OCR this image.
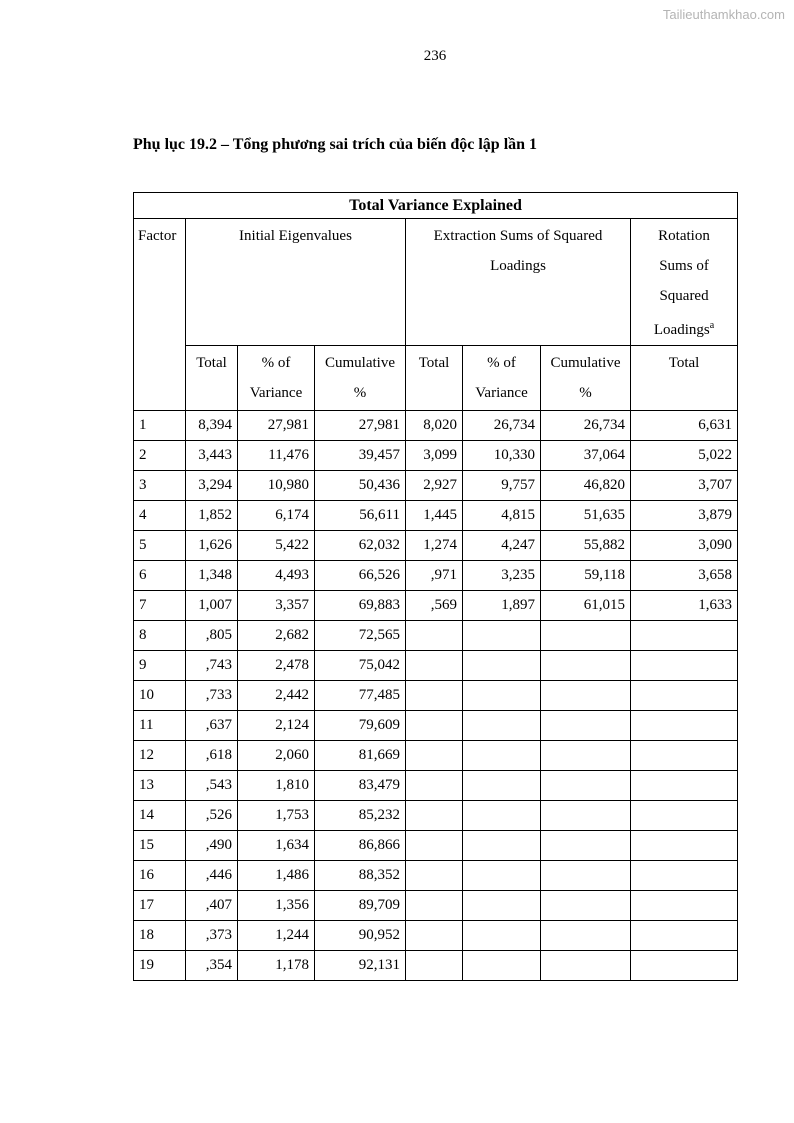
Tailieuthamkhao.com
236
Phụ lục 19.2 – Tổng phương sai trích của biến độc lập lần 1
Total Variance Explained							
Factor	Initial Eigenvalues			Extraction Sums of Squared Loadings			Rotation Sums of Squared Loadings$^a$

	Total	% of Variance	Cumulative %	Total	% of Variance	Cumulative %	Total
1	8,394	27,981	27,981	8,020	26,734	26,734	6,631
2	3,443	11,476	39,457	3,099	10,330	37,064	5,022
3	3,294	10,980	50,436	2,927	9,757	46,820	3,707
4	1,852	6,174	56,611	1,445	4,815	51,635	3,879
5	1,626	5,422	62,032	1,274	4,247	55,882	3,090
6	1,348	4,493	66,526	,971	3,235	59,118	3,658
7	1,007	3,357	69,883	,569	1,897	61,015	1,633
8	,805	2,682	72,565				
9	,743	2,478	75,042				
10	,733	2,442	77,485				
11	,637	2,124	79,609				
12	,618	2,060	81,669				
13	,543	1,810	83,479				
14	,526	1,753	85,232				
15	,490	1,634	86,866				
16	,446	1,486	88,352				
17	,407	1,356	89,709				
18	,373	1,244	90,952				
19	,354	1,178	92,131				
